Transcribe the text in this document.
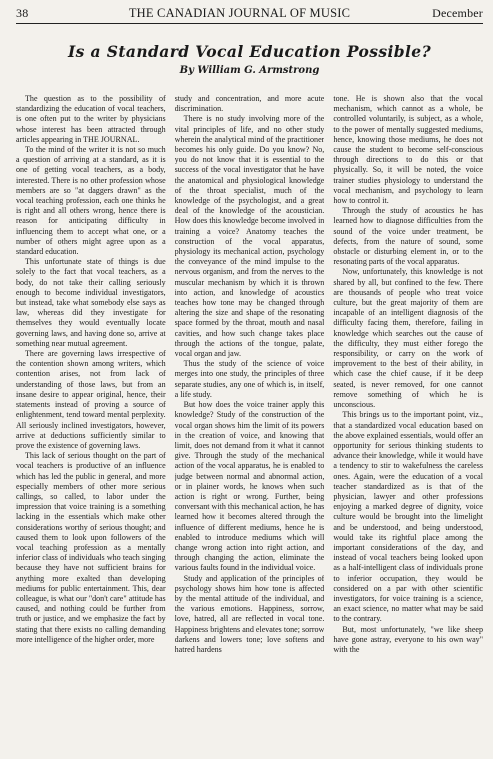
38	THE CANADIAN JOURNAL OF MUSIC	December
Is a Standard Vocal Education Possible?
By William G. Armstrong

The question as to the possibility of standardizing the education of vocal teachers, is one often put to the writer by physicians whose interest has been attracted through articles appearing in THE JOURNAL.

To the mind of the writer it is not so much a question of arriving at a standard, as it is one of getting vocal teachers, as a body, interested. There is no other profession whose members are so "at daggers drawn" as the vocal teaching profession, each one thinks he is right and all others wrong, hence there is reason for anticipating difficulty in influencing them to accept what one, or a number of others might agree upon as a standard education.

This unfortunate state of things is due solely to the fact that vocal teachers, as a body, do not take their calling seriously enough to become individual investigators, but instead, take what somebody else says as law, whereas did they investigate for themselves they would eventually locate governing laws, and having done so, arrive at something near mutual agreement.

There are governing laws irrespective of the contention shown among writers, which contention arises, not from lack of understanding of those laws, but from an insane desire to appear original, hence, their statements instead of proving a source of enlightenment, tend toward mental perplexity. All seriously inclined investigators, however, arrive at deductions sufficiently similar to prove the existence of governing laws.

This lack of serious thought on the part of vocal teachers is productive of an influence which has led the public in general, and more especially members of other more serious callings, so called, to labor under the impression that voice training is a something lacking in the essentials which make other considerations worthy of serious thought; and caused them to look upon followers of the vocal teaching profession as a mentally inferior class of individuals who teach singing because they have not sufficient brains for anything more exalted than developing mediums for public entertainment. This, dear colleague, is what our "don't care" attitude has caused, and nothing could be further from truth or justice, and we emphasize the fact by stating that there exists no calling demanding more intelligence of the higher order, more

study and concentration, and more acute discrimination.

There is no study involving more of the vital principles of life, and no other study wherein the analytical mind of the practitioner becomes his only guide. Do you know? No, you do not know that it is essential to the success of the vocal investigator that he have the anatomical and physiological knowledge of the throat specialist, much of the knowledge of the psychologist, and a great deal of the knowledge of the acoustician. How does this knowledge become involved in training a voice? Anatomy teaches the construction of the vocal apparatus, physiology its mechanical action, psychology the conveyance of the mind impulse to the nervous organism, and from the nerves to the muscular mechanism by which it is thrown into action, and knowledge of acoustics teaches how tone may be changed through altering the size and shape of the resonating space formed by the throat, mouth and nasal cavities, and how such change takes place through the actions of the tongue, palate, vocal organ and jaw.

Thus the study of the science of voice merges into one study, the principles of three separate studies, any one of which is, in itself, a life study.

But how does the voice trainer apply this knowledge? Study of the construction of the vocal organ shows him the limit of its powers in the creation of voice, and knowing that limit, does not demand from it what it cannot give. Through the study of the mechanical action of the vocal apparatus, he is enabled to judge between normal and abnormal action, or in plainer words, he knows when such action is right or wrong. Further, being conversant with this mechanical action, he has learned how it becomes altered through the influence of different mediums, hence he is enabled to introduce mediums which will change wrong action into right action, and through changing the action, eliminate the various faults found in the individual voice.

Study and application of the principles of psychology shows him how tone is affected by the mental attitude of the individual, and the various emotions. Happiness, sorrow, love, hatred, all are reflected in vocal tone. Happiness brightens and elevates tone; sorrow darkens and lowers tone; love softens and hatred hardens

tone. He is shown also that the vocal mechanism, which cannot as a whole, be controlled voluntarily, is subject, as a whole, to the power of mentally suggested mediums, hence, knowing those mediums, he does not cause the student to become self-conscious through directions to do this or that physically. So, it will be noted, the voice trainer studies physiology to understand the vocal mechanism, and psychology to learn how to control it.

Through the study of acoustics he has learned how to diagnose difficulties from the sound of the voice under treatment, be defects, from the nature of sound, some obstacle or disturbing element in, or to the resonating parts of the vocal apparatus.

Now, unfortunately, this knowledge is not shared by all, but confined to the few. There are thousands of people who treat voice culture, but the great majority of them are incapable of an intelligent diagnosis of the difficulty facing them, therefore, failing in knowledge which searches out the cause of the difficulty, they must either forego the responsibility, or carry on the work of improvement to the best of their ability, in which case the chief cause, if it be deep seated, is never removed, for one cannot remove something of which he is unconscious.

This brings us to the important point, viz., that a standardized vocal education based on the above explained essentials, would offer an opportunity for serious thinking students to advance their knowledge, while it would have a tendency to stir to wakefulness the careless ones. Again, were the education of a vocal teacher standardized as is that of the physician, lawyer and other professions enjoying a marked degree of dignity, voice culture would be brought into the limelight and be understood, and being understood, would take its rightful place among the important considerations of the day, and instead of vocal teachers being looked upon as a half-intelligent class of individuals prone to inferior occupation, they would be considered on a par with other scientific investigators, for voice training is a science, an exact science, no matter what may be said to the contrary.

But, most unfortunately, "we like sheep have gone astray, everyone to his own way" with the
